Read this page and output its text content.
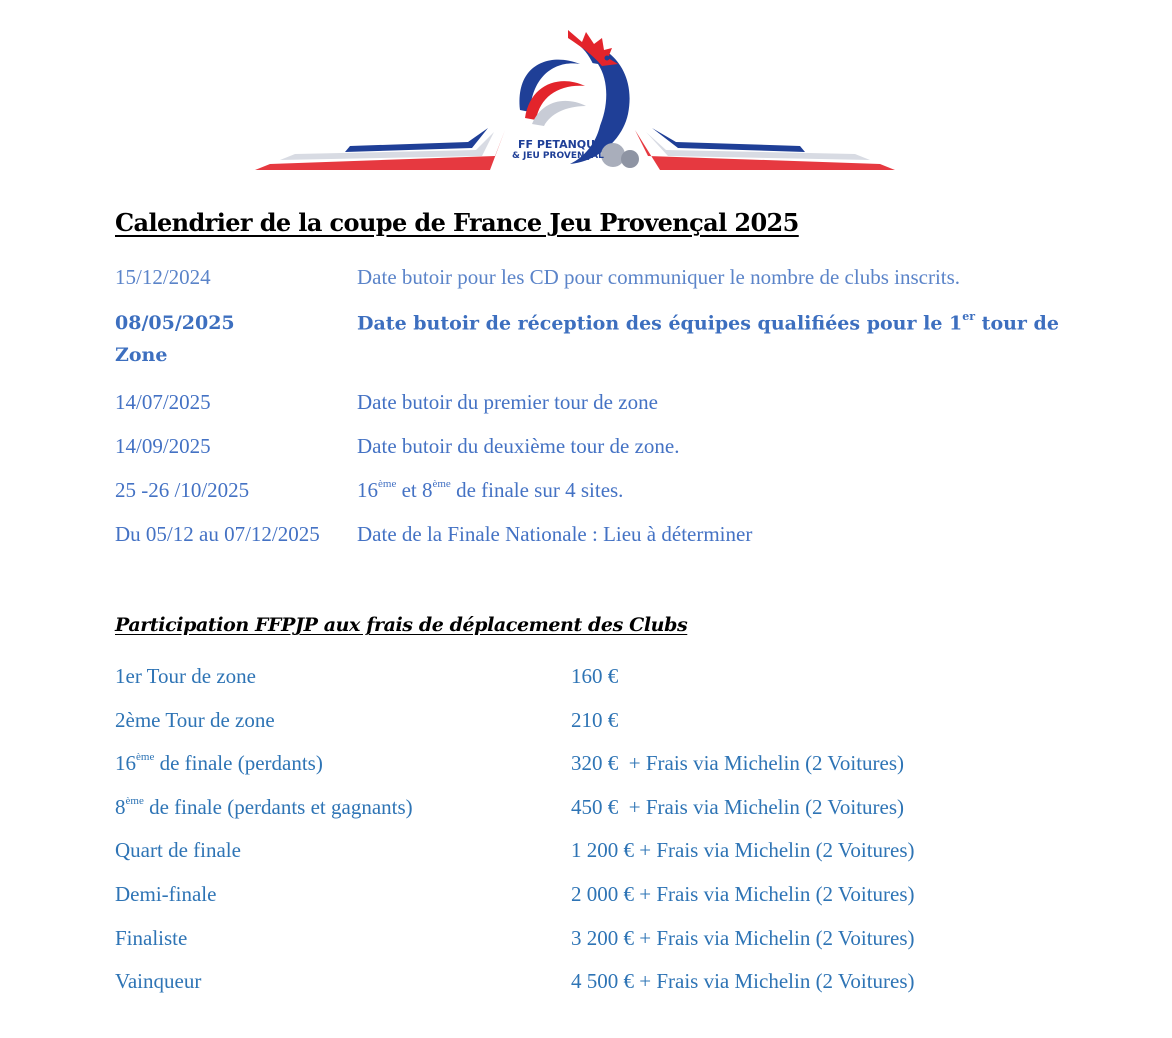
FF PETANQUE
& JEU PROVENÇAL
Calendrier de la coupe de France Jeu Provençal 2025
15/12/2024	Date butoir pour les CD pour communiquer le nombre de clubs inscrits.
08/05/2025	Date butoir de réception des équipes qualifiées pour le 1er tour de
Zone
14/07/2025	Date butoir du premier tour de zone
14/09/2025	Date butoir du deuxième tour de zone.
25 -26 /10/2025	16ème et 8ème de finale sur 4 sites.
Du 05/12 au 07/12/2025 Date de la Finale Nationale : Lieu à déterminer
Participation FFPJP aux frais de déplacement des Clubs
1er Tour de zone	160 €
2ème Tour de zone	210 €
16ème de finale (perdants)	320 €  + Frais via Michelin (2 Voitures)
8ème de finale (perdants et gagnants)	450 €  + Frais via Michelin (2 Voitures)
Quart de finale	1 200 € + Frais via Michelin (2 Voitures)
Demi-finale	2 000 € + Frais via Michelin (2 Voitures)
Finaliste	3 200 € + Frais via Michelin (2 Voitures)
Vainqueur	4 500 € + Frais via Michelin (2 Voitures)
